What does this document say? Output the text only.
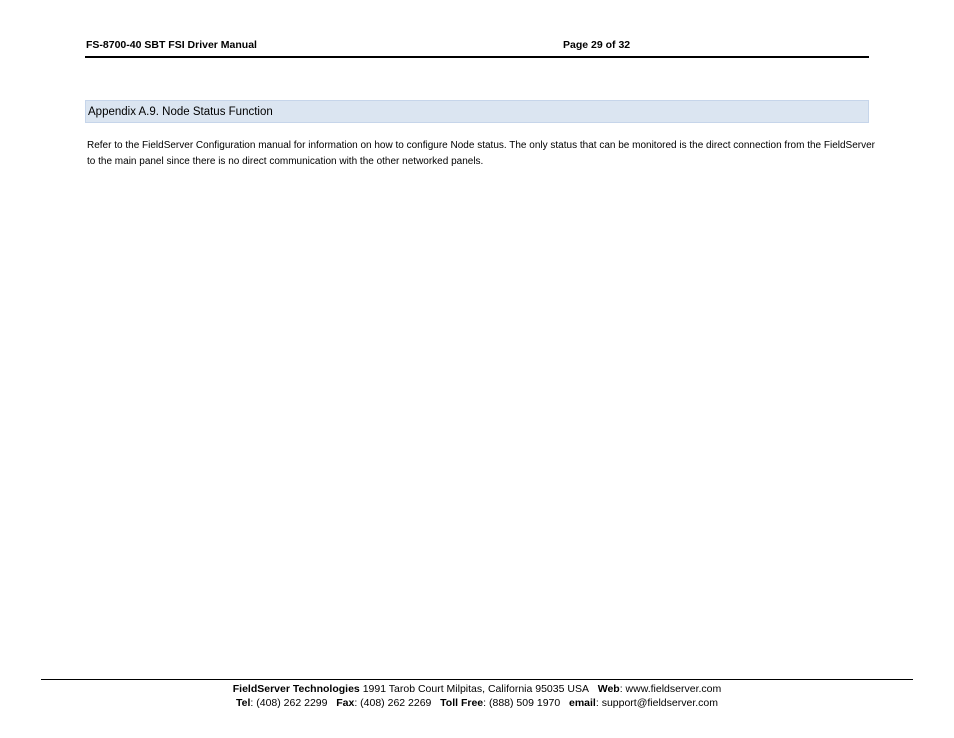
FS-8700-40 SBT FSI Driver Manual	Page 29 of 32
Appendix A.9. Node Status Function

Refer to the FieldServer Configuration manual for information on how to configure Node status. The only status that can be monitored is the direct connection from the FieldServer to the main panel since there is no direct communication with the other networked panels.

FieldServer Technologies 1991 Tarob Court Milpitas, California 95035 USA Web: www.fieldserver.com
Tel: (408) 262 2299 Fax: (408) 262 2269 Toll Free: (888) 509 1970 email: support@fieldserver.com
